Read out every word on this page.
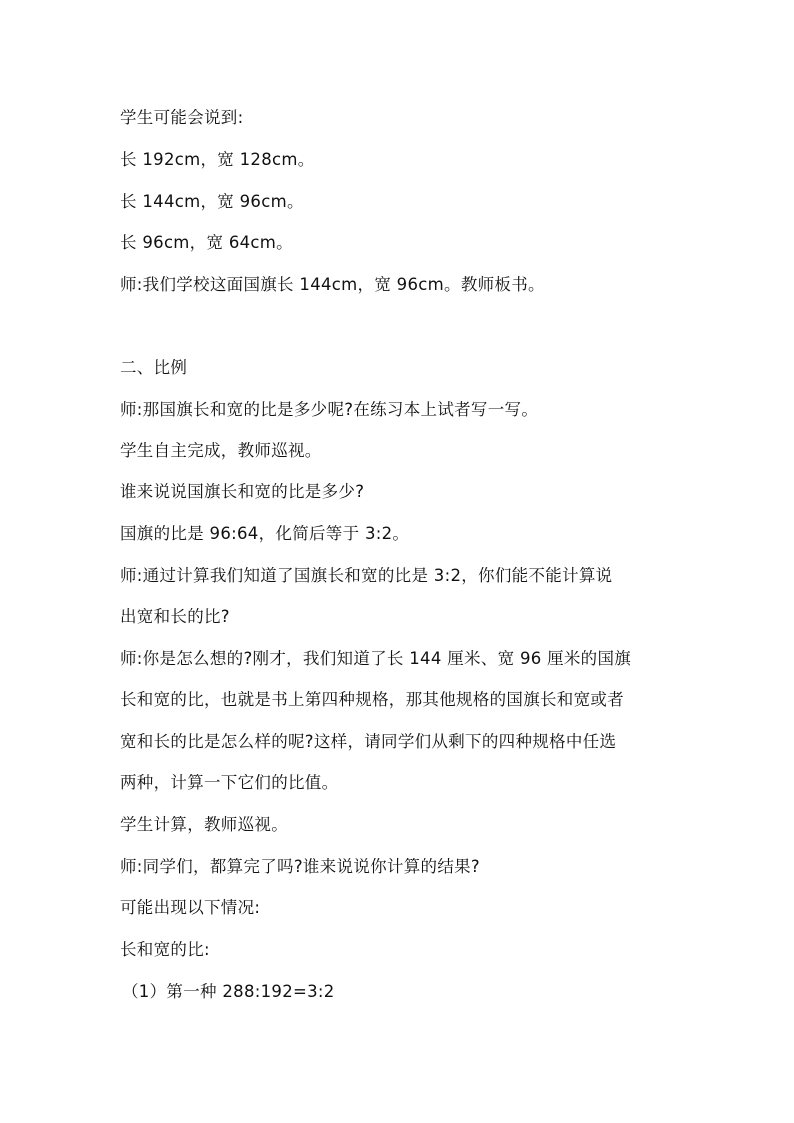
学生可能会说到:
长 192cm，宽 128cm。
长 144cm，宽 96cm。
长 96cm，宽 64cm。
师:我们学校这面国旗长 144cm，宽 96cm。教师板书。
二、比例
师:那国旗长和宽的比是多少呢?在练习本上试者写一写。
学生自主完成，教师巡视。
谁来说说国旗长和宽的比是多少?
国旗的比是 96:64，化简后等于 3:2。
师:通过计算我们知道了国旗长和宽的比是 3:2，你们能不能计算说
出宽和长的比?
师:你是怎么想的?刚才，我们知道了长 144 厘米、宽 96 厘米的国旗
长和宽的比，也就是书上第四种规格，那其他规格的国旗长和宽或者
宽和长的比是怎么样的呢?这样，请同学们从剩下的四种规格中任选
两种，计算一下它们的比值。
学生计算，教师巡视。
师:同学们，都算完了吗?谁来说说你计算的结果?
可能出现以下情况:
长和宽的比:
（1）第一种 288:192=3:2
